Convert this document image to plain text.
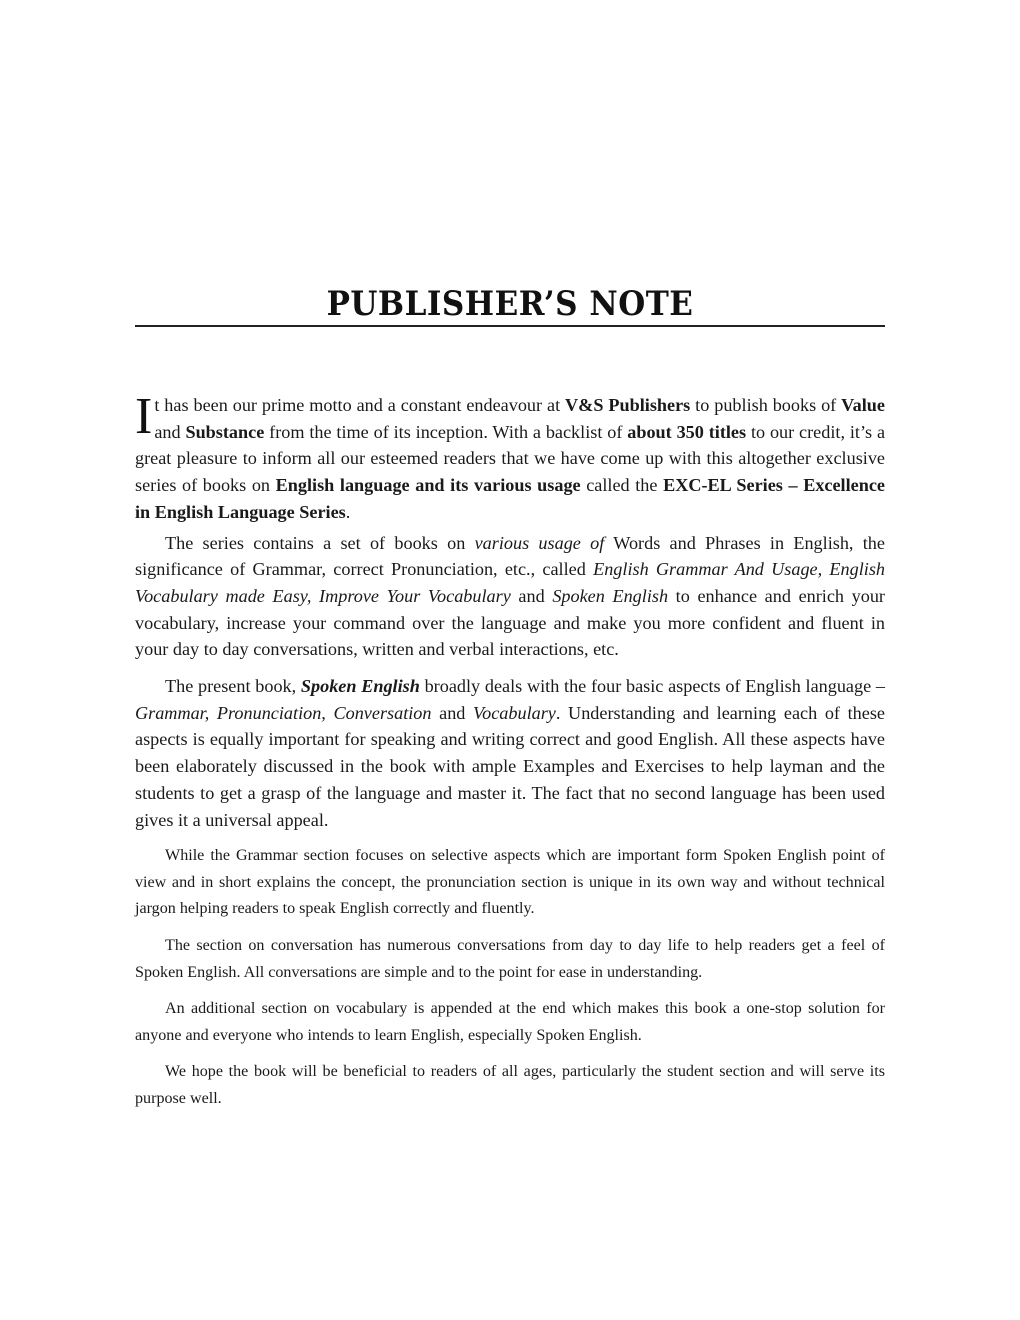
PUBLISHER’S NOTE

It has been our prime motto and a constant endeavour at V&S Publishers to publish books of Value and Substance from the time of its inception. With a backlist of about 350 titles to our credit, it’s a great pleasure to inform all our esteemed readers that we have come up with this altogether exclusive series of books on English language and its various usage called the EXC-EL Series – Excellence in English Language Series.

The series contains a set of books on various usage of Words and Phrases in English, the significance of Grammar, correct Pronunciation, etc., called English Grammar And Usage, English Vocabulary made Easy, Improve Your Vocabulary and Spoken English to enhance and enrich your vocabulary, increase your command over the language and make you more confident and fluent in your day to day conversations, written and verbal interactions, etc.

The present book, Spoken English broadly deals with the four basic aspects of English language – Grammar, Pronunciation, Conversation and Vocabulary. Understanding and learning each of these aspects is equally important for speaking and writing correct and good English. All these aspects have been elaborately discussed in the book with ample Examples and Exercises to help layman and the students to get a grasp of the language and master it. The fact that no second language has been used gives it a universal appeal.

While the Grammar section focuses on selective aspects which are important form Spoken English point of view and in short explains the concept, the pronunciation section is unique in its own way and without technical jargon helping readers to speak English correctly and fluently.

The section on conversation has numerous conversations from day to day life to help readers get a feel of Spoken English. All conversations are simple and to the point for ease in understanding.

An additional section on vocabulary is appended at the end which makes this book a one-stop solution for anyone and everyone who intends to learn English, especially Spoken English.

We hope the book will be beneficial to readers of all ages, particularly the student section and will serve its purpose well.
